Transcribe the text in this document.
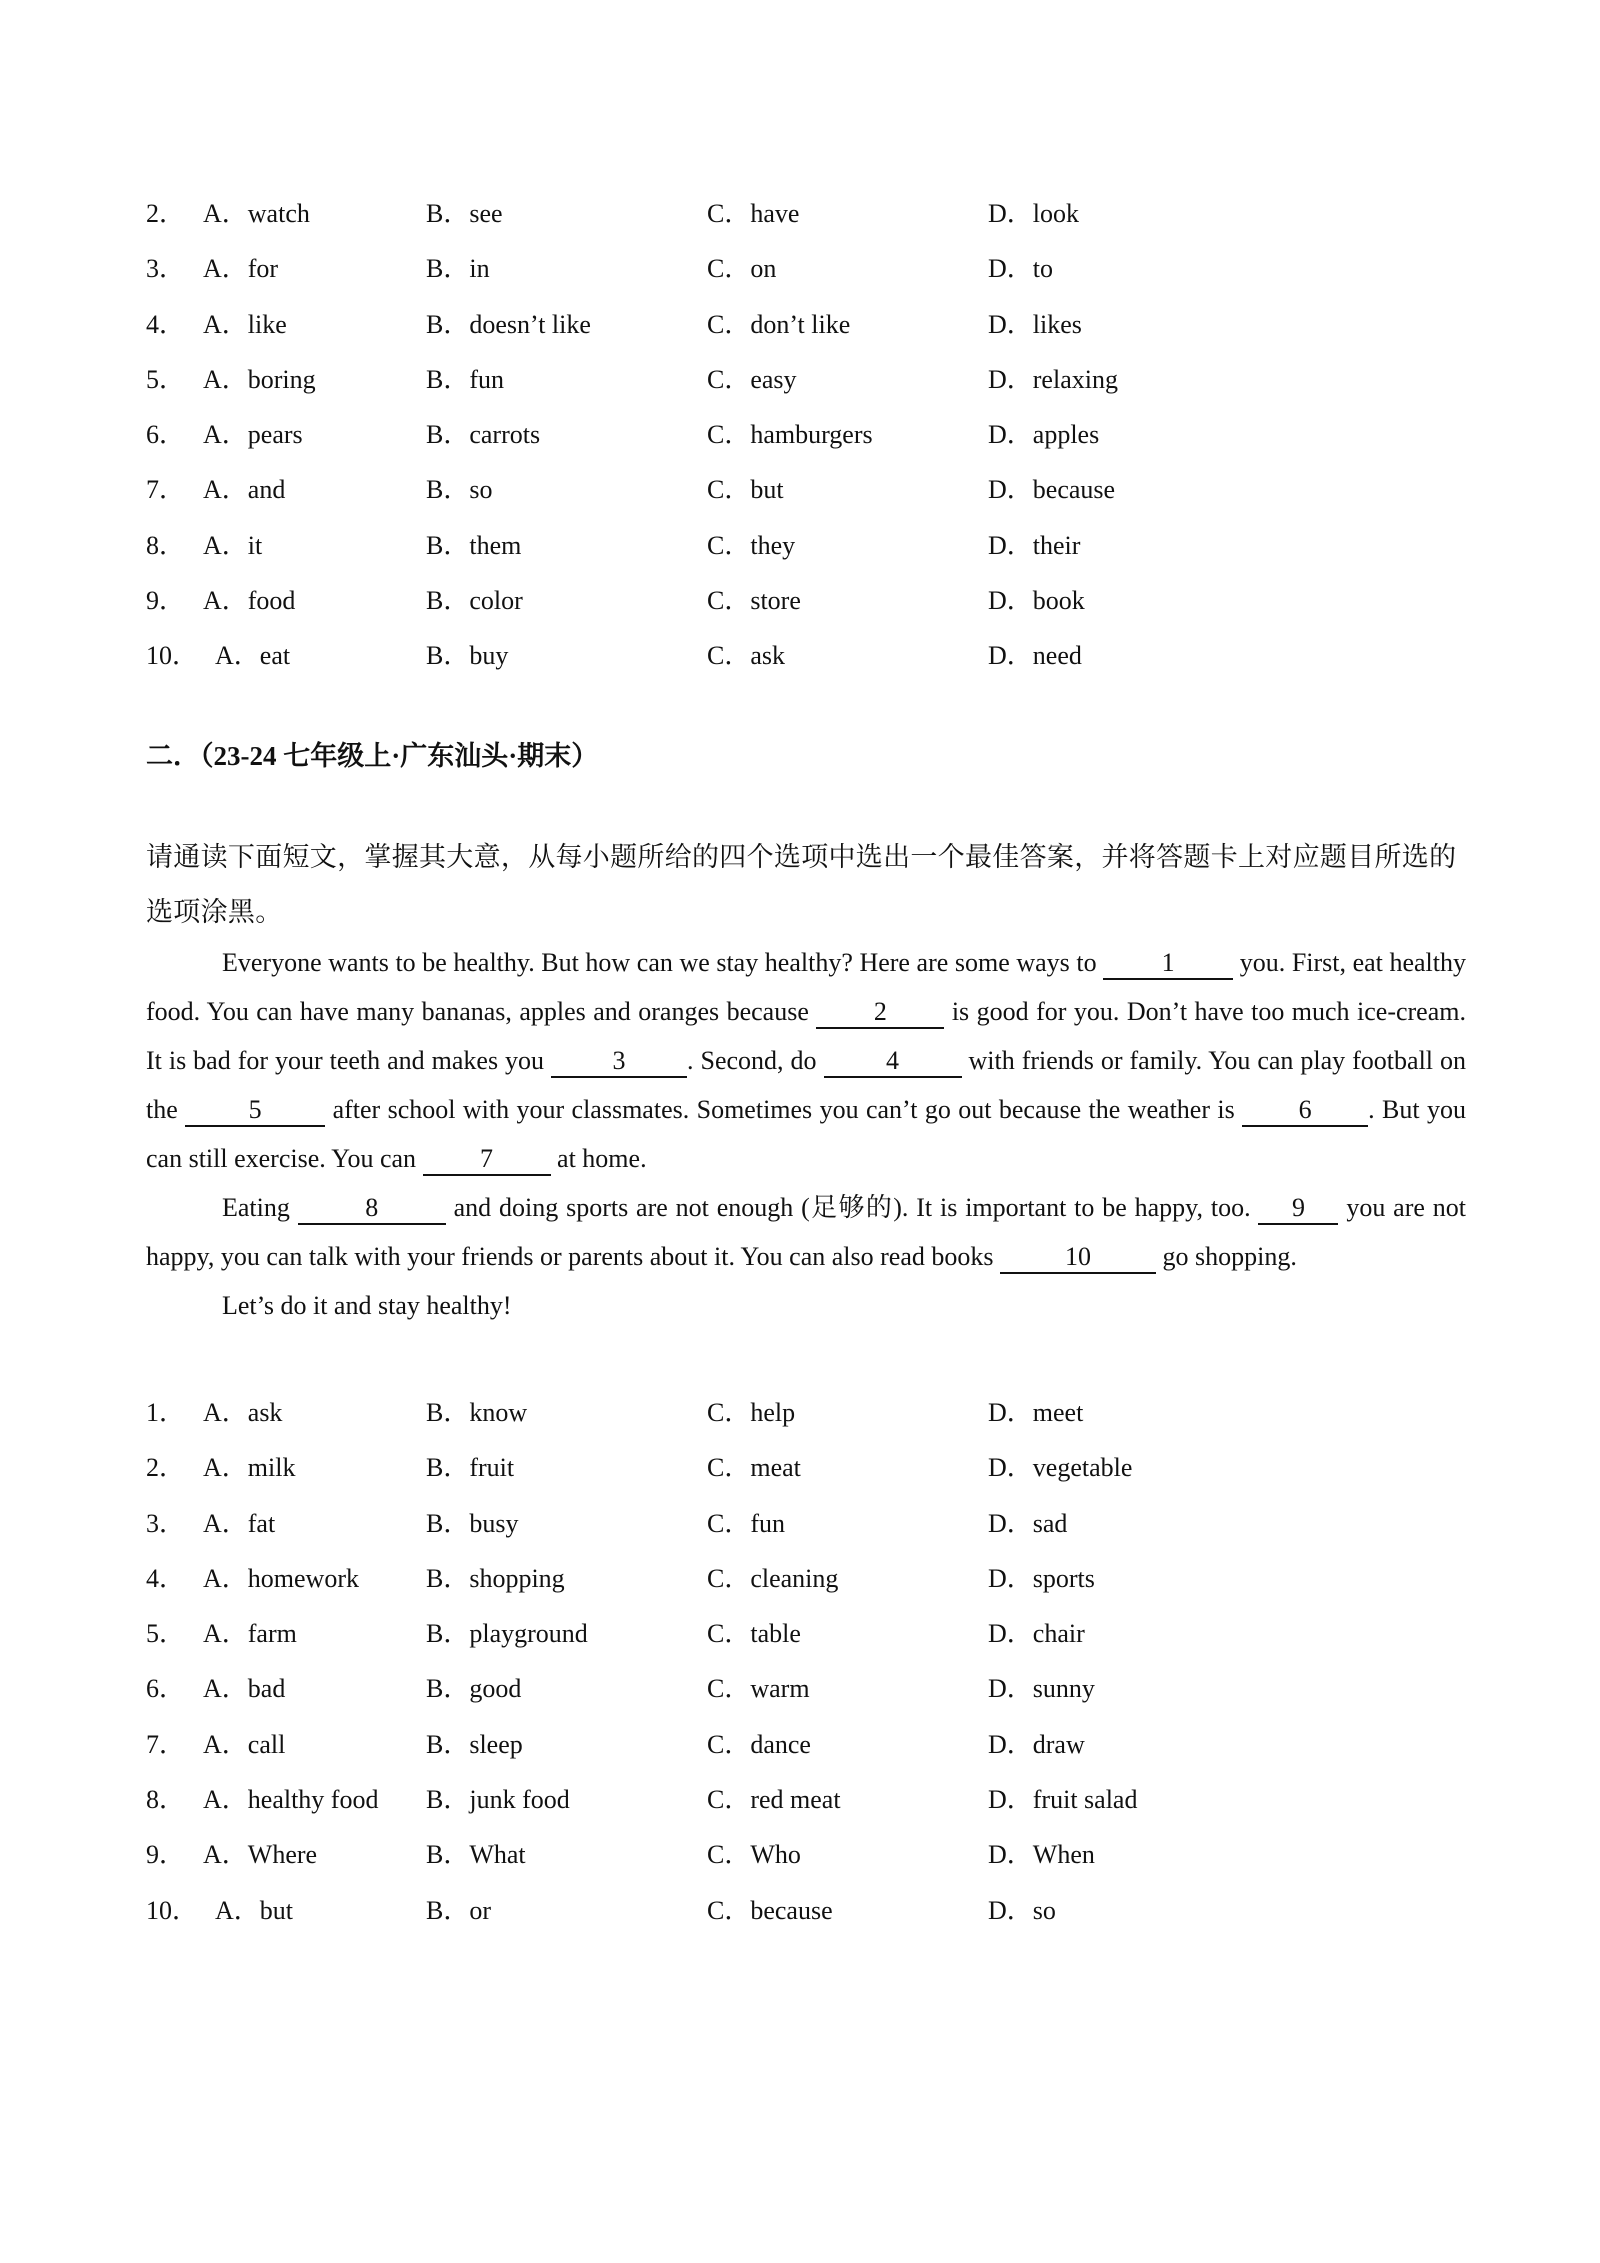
2． A．watch	B．see	C．have	D．look
3． A．for	B．in	C．on	D．to
4． A．like	B．doesn’t like	C．don’t like	D．likes
5． A．boring	B．fun	C．easy	D．relaxing
6． A．pears	B．carrots	C．hamburgers	D．apples
7． A．and	B．so	C．but	D．because
8． A．it	B．them	C．they	D．their
9． A．food	B．color	C．store	D．book
10． A．eat	B．buy	C．ask	D．need
二．（23-24 七年级上·广东汕头·期末）
请通读下面短文，掌握其大意，从每小题所给的四个选项中选出一个最佳答案，并将答题卡上对应题目所选的选项涂黑。

Everyone wants to be healthy. But how can we stay healthy? Here are some ways to 1 you. First, eat healthy food. You can have many bananas, apples and oranges because 2 is good for you. Don’t have too much ice-cream. It is bad for your teeth and makes you 3 . Second, do 4 with friends or family. You can play football on the 5 after school with your classmates. Sometimes you can’t go out because the weather is 6 . But you can still exercise. You can 7 at home.

Eating	8	and doing sports are not enough (足够的). It is important to be happy, too. 9 you are not happy, you can talk with your friends or parents about it. You can also read books	10	go shopping.

Let’s do it and stay healthy!

1． A．ask	B．know	C．help	D．meet
2． A．milk	B．fruit	C．meat	D．vegetable
3． A．fat	B．busy	C．fun	D．sad
4． A．homework	B．shopping	C．cleaning	D．sports
5． A．farm	B．playground	C．table	D．chair
6． A．bad	B．good	C．warm	D．sunny
7． A．call	B．sleep	C．dance	D．draw
8． A．healthy food B．junk food	C．red meat	D．fruit salad
9． A．Where	B．What	C．Who	D．When
10． A．but	B．or	C．because	D．so
